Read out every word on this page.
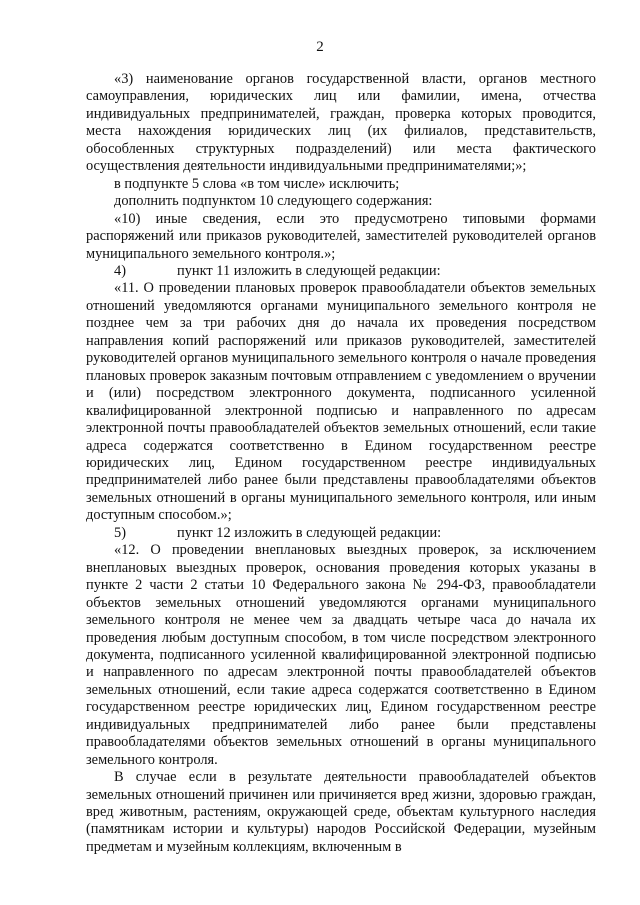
2

«3) наименование органов государственной власти, органов местного самоуправления, юридических лиц или фамилии, имена, отчества индивидуальных предпринимателей, граждан, проверка которых проводится, места нахождения юридических лиц (их филиалов, представительств, обособленных структурных подразделений) или места фактического осуществления деятельности индивидуальными предпринимателями;»;

в подпункте 5 слова «в том числе» исключить;

дополнить подпунктом 10 следующего содержания:

«10) иные сведения, если это предусмотрено типовыми формами распоряжений или приказов руководителей, заместителей руководителей органов муниципального земельного контроля.»;

4)	пункт 11 изложить в следующей редакции:

«11. О проведении плановых проверок правообладатели объектов земельных отношений уведомляются органами муниципального земельного контроля не позднее чем за три рабочих дня до начала их проведения посредством направления копий распоряжений или приказов руководителей, заместителей руководителей органов муниципального земельного контроля о начале проведения плановых проверок заказным почтовым отправлением с уведомлением о вручении и (или) посредством электронного документа, подписанного усиленной квалифицированной электронной подписью и направленного по адресам электронной почты правообладателей объектов земельных отношений, если такие адреса содержатся соответственно в Едином государственном реестре юридических лиц, Едином государственном реестре индивидуальных предпринимателей либо ранее были представлены правообладателями объектов земельных отношений в органы муниципального земельного контроля, или иным доступным способом.»;

5)	пункт 12 изложить в следующей редакции:

«12. О проведении внеплановых выездных проверок, за исключением внеплановых выездных проверок, основания проведения которых указаны в пункте 2 части 2 статьи 10 Федерального закона № 294-ФЗ, правообладатели объектов земельных отношений уведомляются органами муниципального земельного контроля не менее чем за двадцать четыре часа до начала их проведения любым доступным способом, в том числе посредством электронного документа, подписанного усиленной квалифицированной электронной подписью и направленного по адресам электронной почты правообладателей объектов земельных отношений, если такие адреса содержатся соответственно в Едином государственном реестре юридических лиц, Едином государственном реестре индивидуальных предпринимателей либо ранее были представлены правообладателями объектов земельных отношений в органы муниципального земельного контроля.

В случае если в результате деятельности правообладателей объектов земельных отношений причинен или причиняется вред жизни, здоровью граждан, вред животным, растениям, окружающей среде, объектам культурного наследия (памятникам истории и культуры) народов Российской Федерации, музейным предметам и музейным коллекциям, включенным в
